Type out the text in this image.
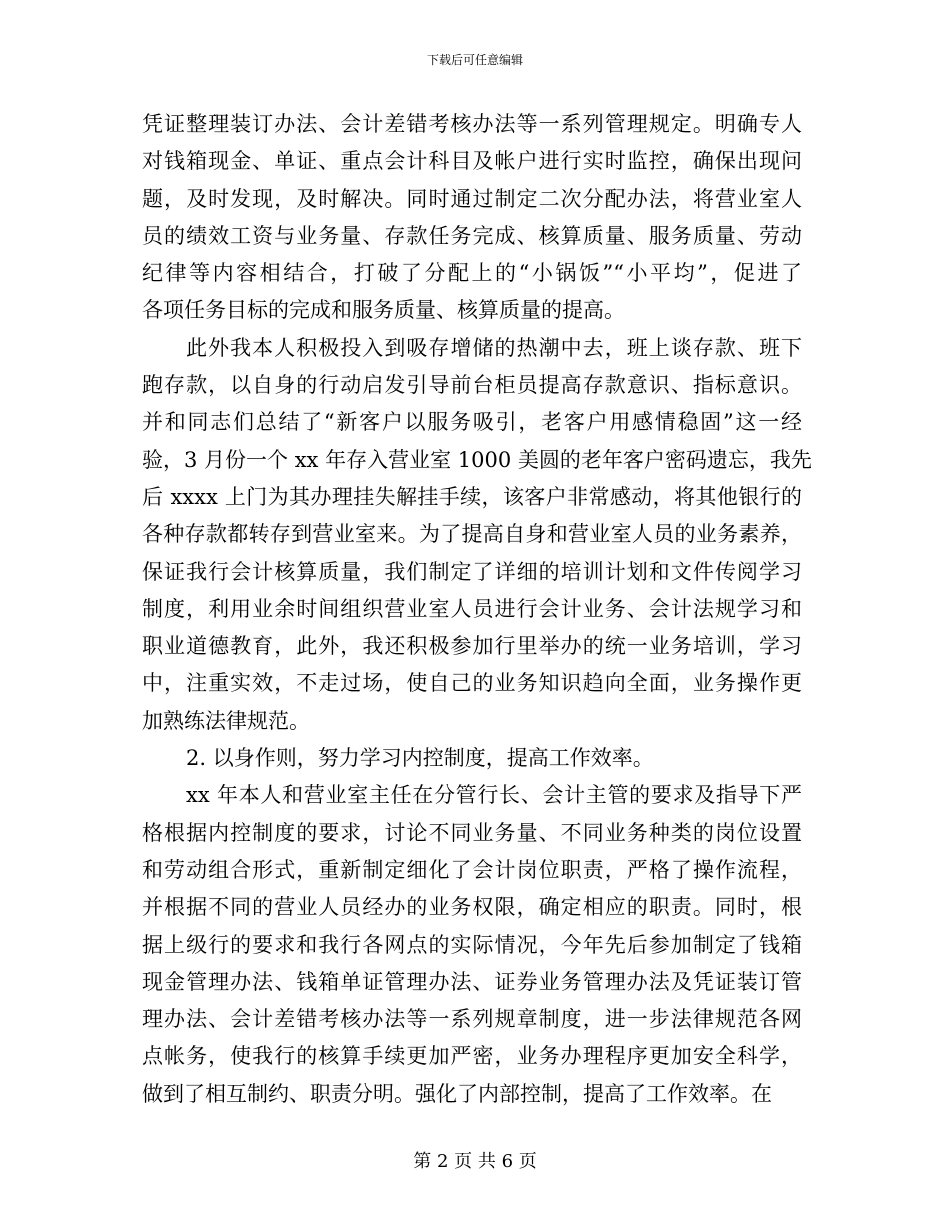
下载后可任意编辑
凭证整理装订办法、会计差错考核办法等一系列管理规定。明确专人
对钱箱现金、单证、重点会计科目及帐户进行实时监控，确保出现问
题，及时发现，及时解决。同时通过制定二次分配办法，将营业室人
员的绩效工资与业务量、存款任务完成、核算质量、服务质量、劳动
纪律等内容相结合，打破了分配上的“小锅饭”“小平均”，促进了
各项任务目标的完成和服务质量、核算质量的提高。
此外我本人积极投入到吸存增储的热潮中去，班上谈存款、班下
跑存款，以自身的行动启发引导前台柜员提高存款意识、指标意识。
并和同志们总结了“新客户以服务吸引，老客户用感情稳固”这一经
验，3 月份一个 xx 年存入营业室 1000 美圆的老年客户密码遗忘，我先
后 xxxx 上门为其办理挂失解挂手续，该客户非常感动，将其他银行的
各种存款都转存到营业室来。为了提高自身和营业室人员的业务素养，
保证我行会计核算质量，我们制定了详细的培训计划和文件传阅学习
制度，利用业余时间组织营业室人员进行会计业务、会计法规学习和
职业道德教育，此外，我还积极参加行里举办的统一业务培训，学习
中，注重实效，不走过场，使自己的业务知识趋向全面，业务操作更
加熟练法律规范。
2. 以身作则，努力学习内控制度，提高工作效率。
xx 年本人和营业室主任在分管行长、会计主管的要求及指导下严
格根据内控制度的要求，讨论不同业务量、不同业务种类的岗位设置
和劳动组合形式，重新制定细化了会计岗位职责，严格了操作流程，
并根据不同的营业人员经办的业务权限，确定相应的职责。同时，根
据上级行的要求和我行各网点的实际情况，今年先后参加制定了钱箱
现金管理办法、钱箱单证管理办法、证券业务管理办法及凭证装订管
理办法、会计差错考核办法等一系列规章制度，进一步法律规范各网
点帐务，使我行的核算手续更加严密，业务办理程序更加安全科学，
做到了相互制约、职责分明。强化了内部控制，提高了工作效率。在
第 2 页 共 6 页
